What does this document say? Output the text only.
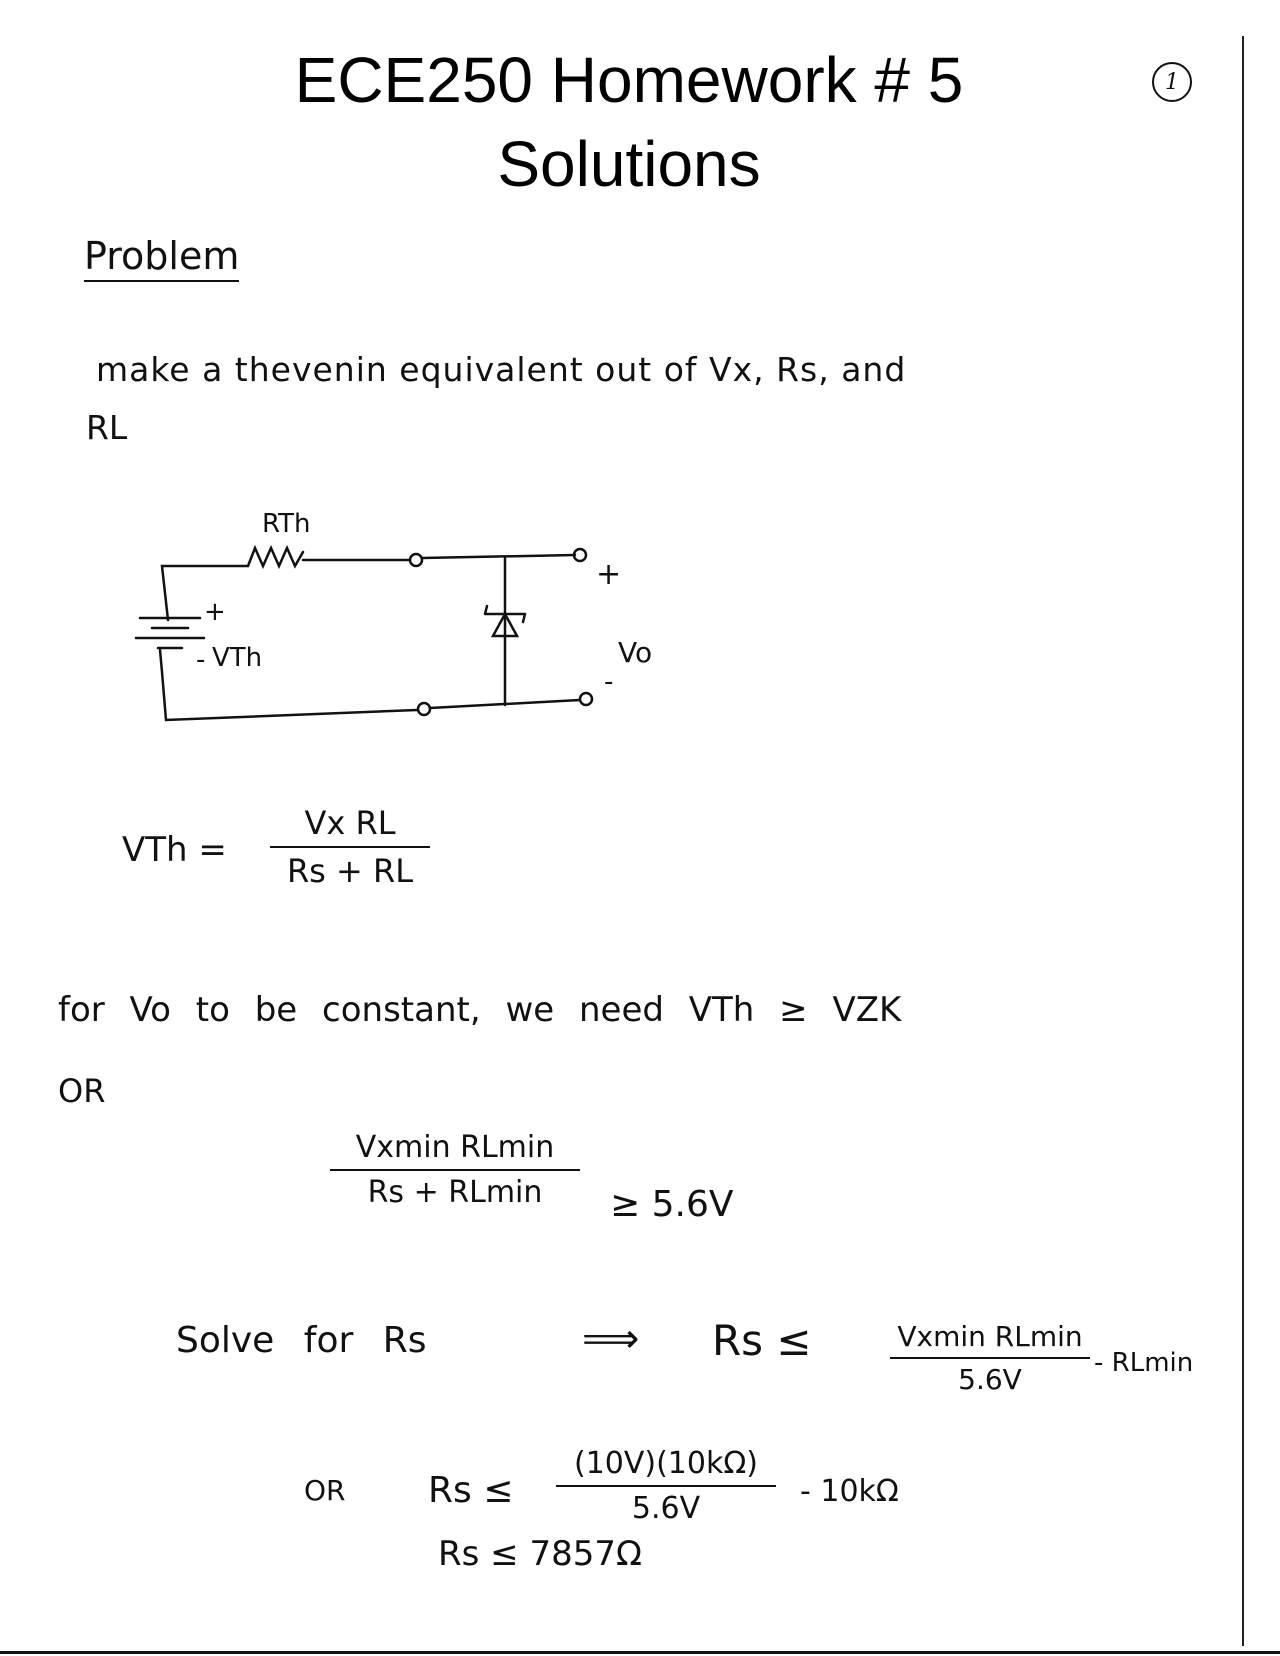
ECE250 Homework # 5
Solutions
1
Problem
make a thevenin equivalent out of Vx, Rs, and
RL
RTh
+
- VTh
+
-
Vo
VTh =
Vx RL
Rs + RL
for Vo to be constant, we need VTh ≥ VZK
OR
Vxmin RLmin
Rs + RLmin	≥ 5.6V
Solve for Rs	⟹ Rs ≤	Vxmin RLmin
5.6V	- RLmin
OR Rs ≤
(10V)(10kΩ)
5.6V	- 10kΩ
Rs ≤ 7857Ω
